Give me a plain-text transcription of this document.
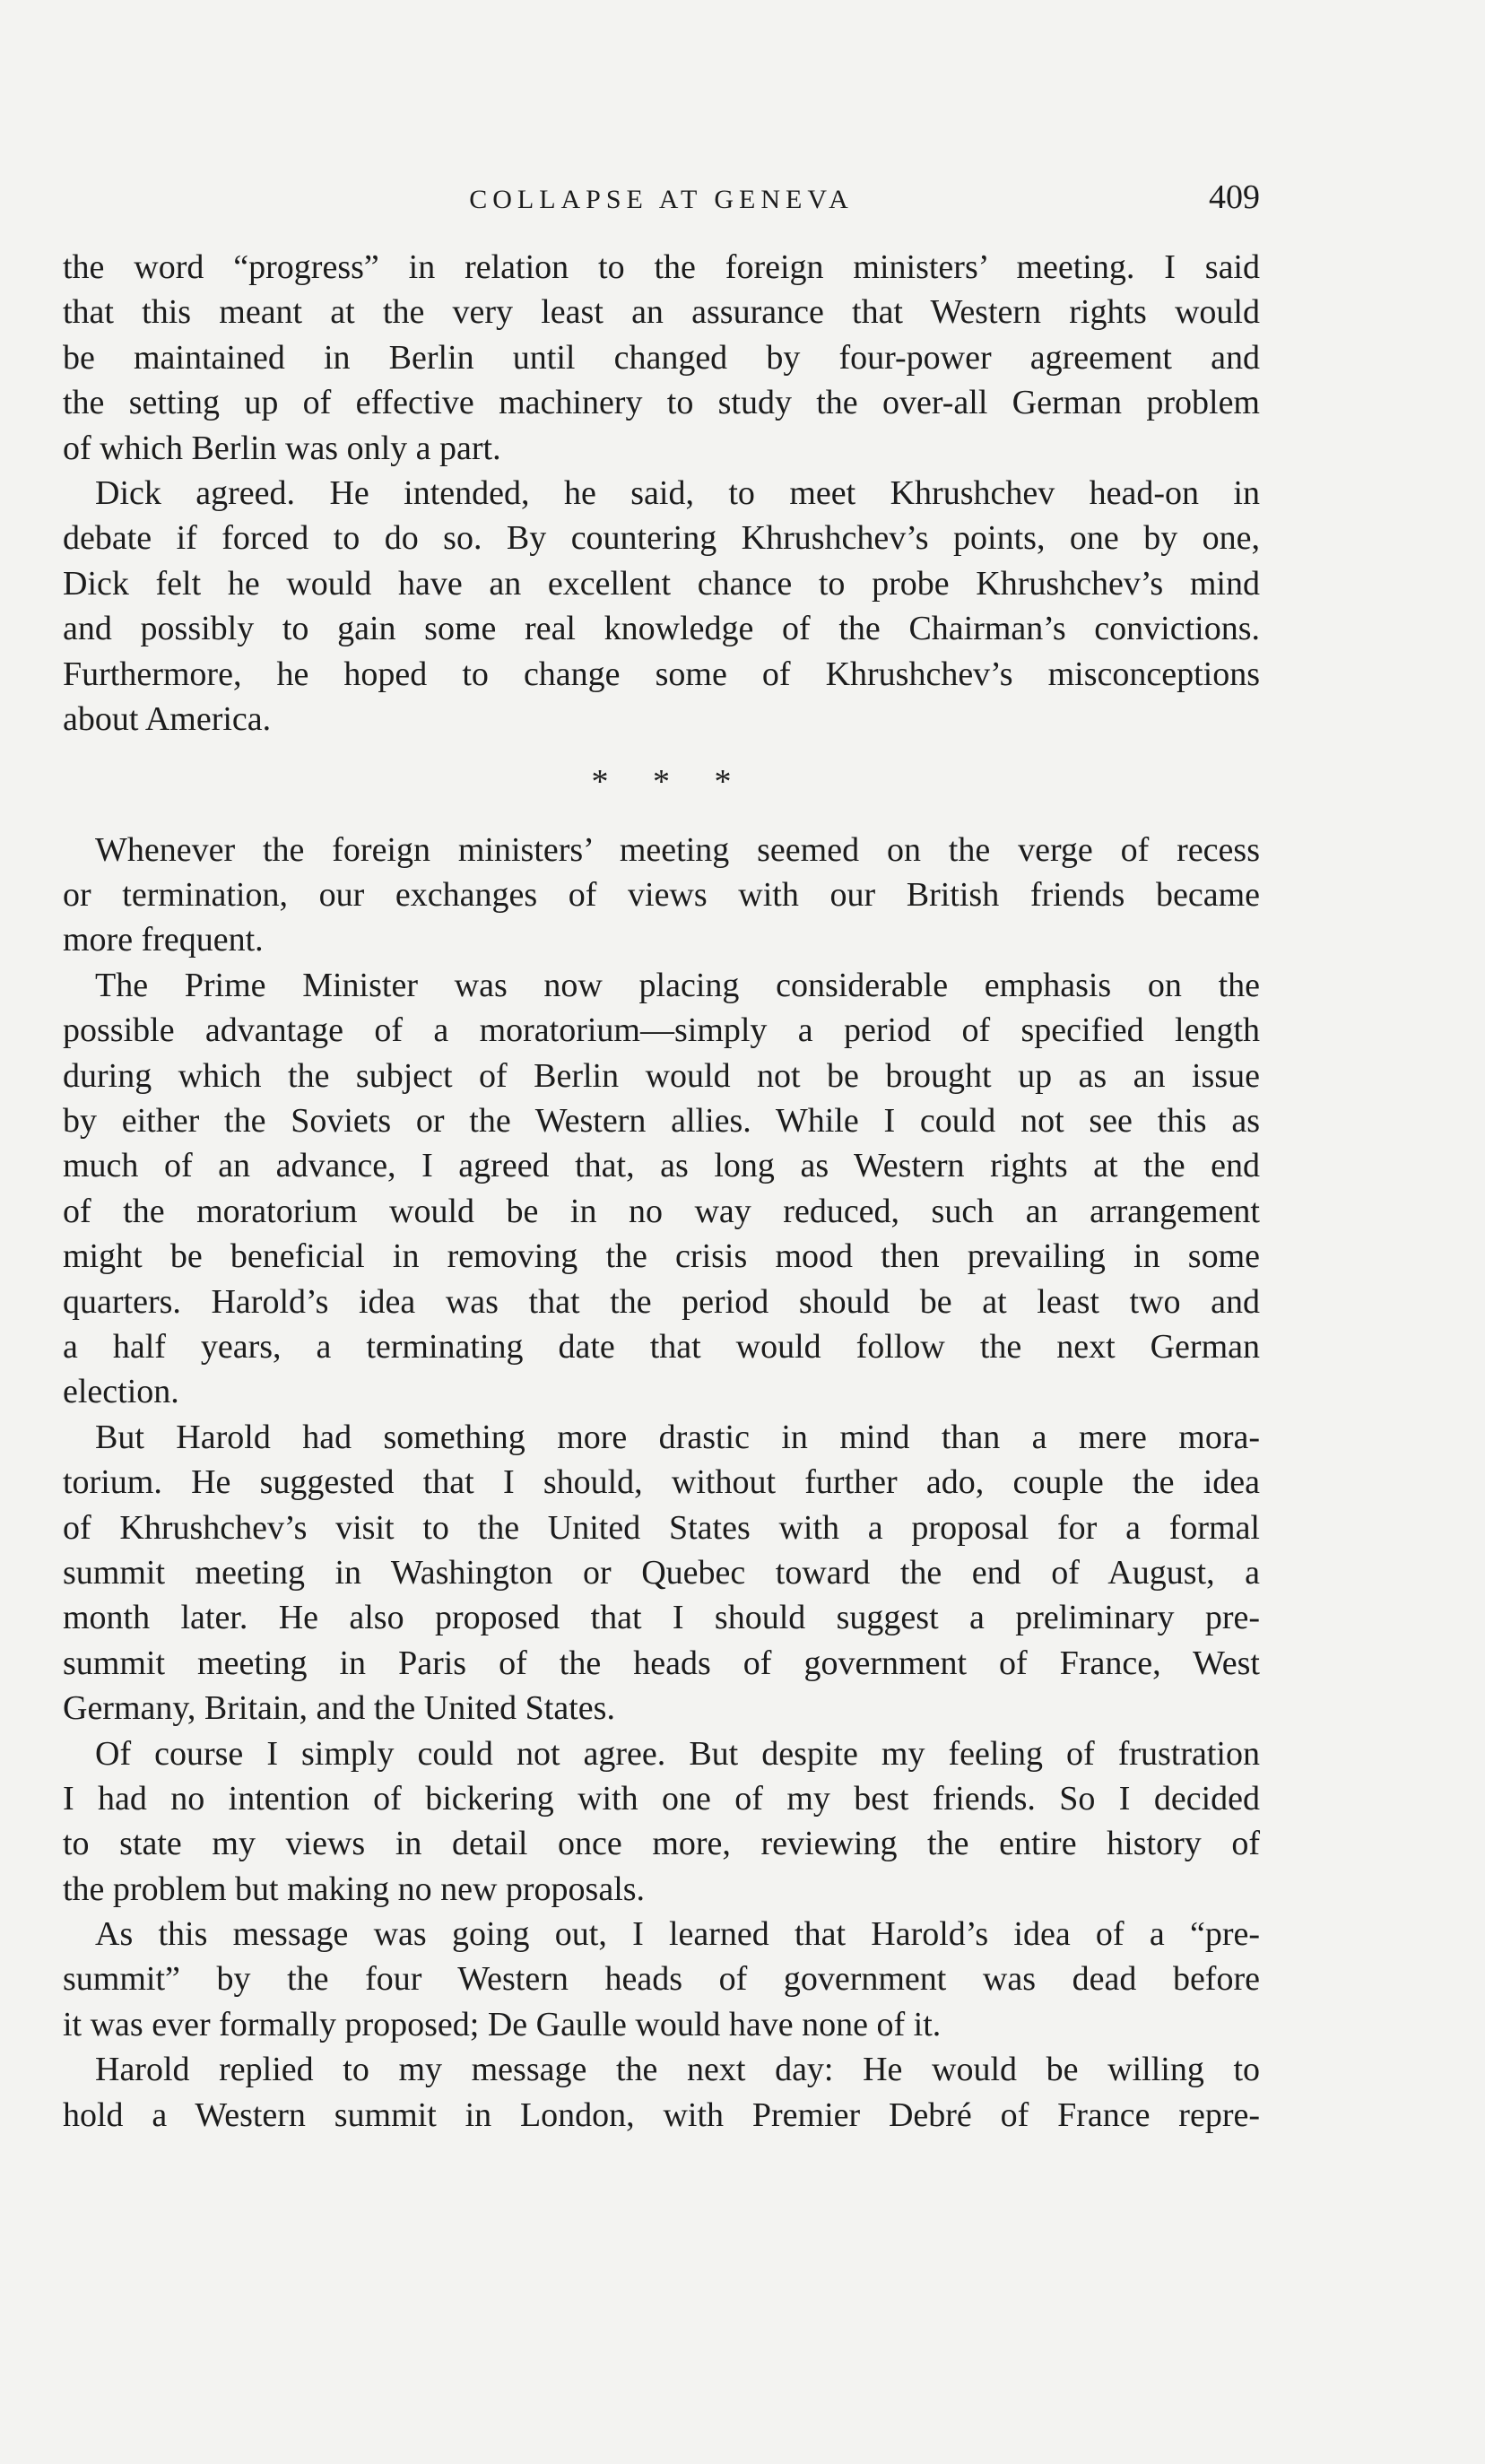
COLLAPSE AT GENEVA	409
the word “progress” in relation to the foreign ministers’ meeting. I said
that this meant at the very least an assurance that Western rights would
be maintained in Berlin until changed by four-power agreement and
the setting up of effective machinery to study the over-all German problem
of which Berlin was only a part.
Dick agreed. He intended, he said, to meet Khrushchev head-on in
debate if forced to do so. By countering Khrushchev’s points, one by one,
Dick felt he would have an excellent chance to probe Khrushchev’s mind
and possibly to gain some real knowledge of the Chairman’s convictions.
Furthermore, he hoped to change some of Khrushchev’s misconceptions
about America.
* * *
Whenever the foreign ministers’ meeting seemed on the verge of recess
or termination, our exchanges of views with our British friends became
more frequent.
The Prime Minister was now placing considerable emphasis on the
possible advantage of a moratorium—simply a period of specified length
during which the subject of Berlin would not be brought up as an issue
by either the Soviets or the Western allies. While I could not see this as
much of an advance, I agreed that, as long as Western rights at the end
of the moratorium would be in no way reduced, such an arrangement
might be beneficial in removing the crisis mood then prevailing in some
quarters. Harold’s idea was that the period should be at least two and
a half years, a terminating date that would follow the next German
election.
But Harold had something more drastic in mind than a mere mora-
torium. He suggested that I should, without further ado, couple the idea
of Khrushchev’s visit to the United States with a proposal for a formal
summit meeting in Washington or Quebec toward the end of August, a
month later. He also proposed that I should suggest a preliminary pre-
summit meeting in Paris of the heads of government of France, West
Germany, Britain, and the United States.
Of course I simply could not agree. But despite my feeling of frustration
I had no intention of bickering with one of my best friends. So I decided
to state my views in detail once more, reviewing the entire history of
the problem but making no new proposals.
As this message was going out, I learned that Harold’s idea of a “pre-
summit” by the four Western heads of government was dead before
it was ever formally proposed; De Gaulle would have none of it.
Harold replied to my message the next day: He would be willing to
hold a Western summit in London, with Premier Debré of France repre-
